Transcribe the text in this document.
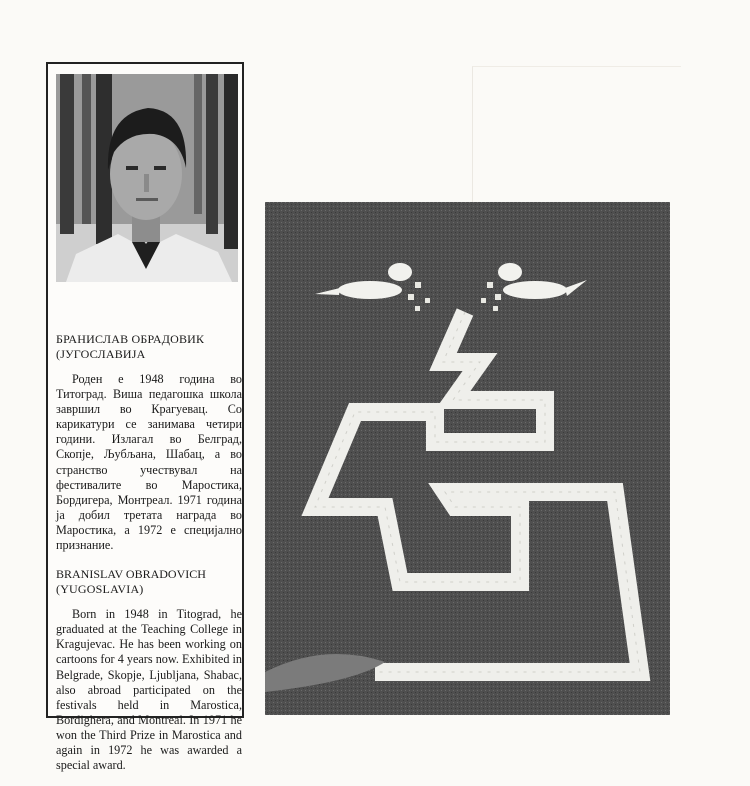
БРАНИСЛАВ ОБРАДОВИК
(ЈУГОСЛАВИЈА

Роден е 1948 година во Титоград. Виша педагошка школа завршил во Крагуевац. Со карикатури се занимава четири години. Излагал во Белград, Скопје, Љубљана, Шабац, а во странство учествувал на фестивалите во Маростика, Бордигера, Монтреал. 1971 година ја добил третата награда во Маростика, а 1972 е специјално признание.

BRANISLAV OBRADOVICH
(YUGOSLAVIA)

Born in 1948 in Titograd, he graduated at the Teaching College in Kragujevac. He has been working on cartoons for 4 years now. Exhibited in Belgrade, Skopje, Ljubljana, Shabac, also abroad participated on the festivals held in Marostica, Bordighera, and Montreal. In 1971 he won the Third Prize in Marostica and again in 1972 he was awarded a special award.
